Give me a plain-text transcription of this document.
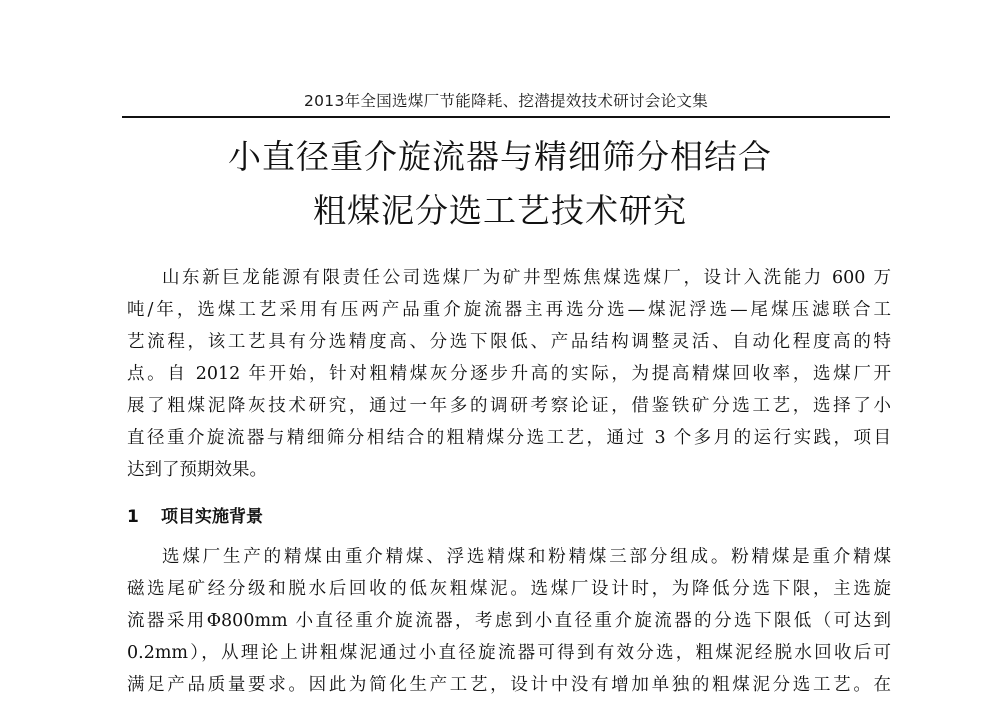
2013年全国选煤厂节能降耗、挖潜提效技术研讨会论文集
小直径重介旋流器与精细筛分相结合
粗煤泥分选工艺技术研究
山东新巨龙能源有限责任公司选煤厂为矿井型炼焦煤选煤厂，设计入洗能力 600 万
吨/年，选煤工艺采用有压两产品重介旋流器主再选分选—煤泥浮选—尾煤压滤联合工
艺流程，该工艺具有分选精度高、分选下限低、产品结构调整灵活、自动化程度高的特
点。自 2012 年开始，针对粗精煤灰分逐步升高的实际，为提高精煤回收率，选煤厂开
展了粗煤泥降灰技术研究，通过一年多的调研考察论证，借鉴铁矿分选工艺，选择了小
直径重介旋流器与精细筛分相结合的粗精煤分选工艺，通过 3 个多月的运行实践，项目
达到了预期效果。
1 项目实施背景
选煤厂生产的精煤由重介精煤、浮选精煤和粉精煤三部分组成。粉精煤是重介精煤
磁选尾矿经分级和脱水后回收的低灰粗煤泥。选煤厂设计时，为降低分选下限，主选旋
流器采用Φ800mm 小直径重介旋流器，考虑到小直径重介旋流器的分选下限低（可达到
0.2mm），从理论上讲粗煤泥通过小直径旋流器可得到有效分选，粗煤泥经脱水回收后可
满足产品质量要求。因此为简化生产工艺，设计中没有增加单独的粗煤泥分选工艺。在
